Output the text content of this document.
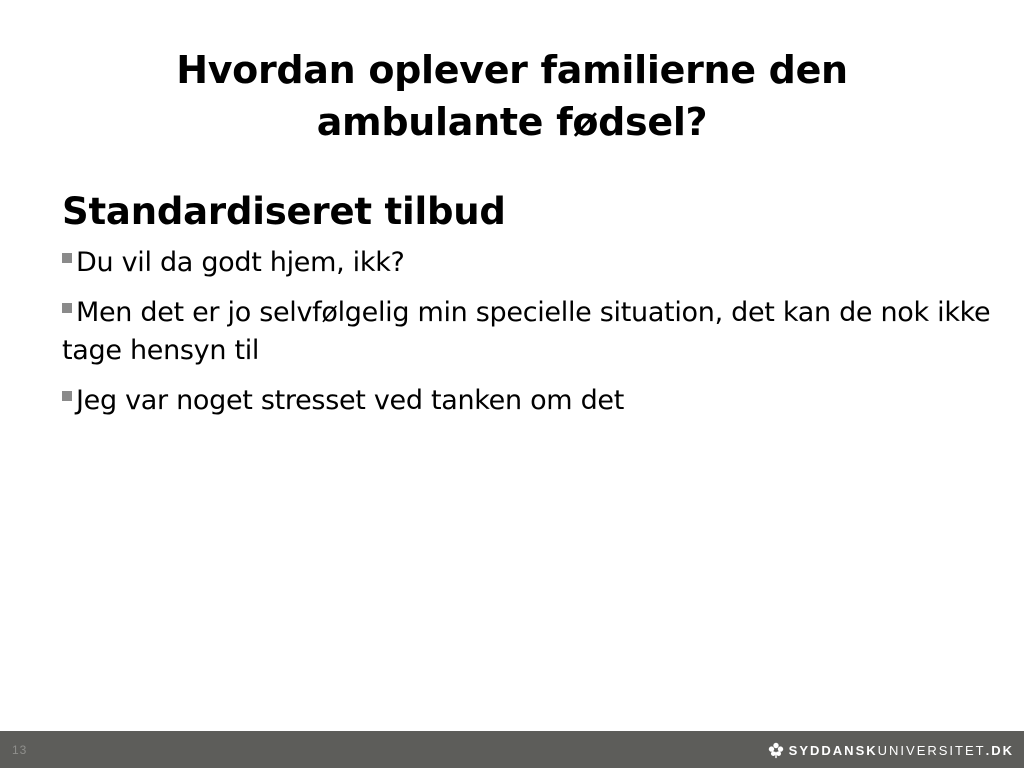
Hvordan oplever familierne den
ambulante fødsel?
Standardiseret tilbud
Du vil da godt hjem, ikk?
Men det er jo selvfølgelig min specielle situation, det kan de nok ikke tage hensyn til
Jeg var noget stresset ved tanken om det
13	SYDDANSK UNIVERSITET .DK
